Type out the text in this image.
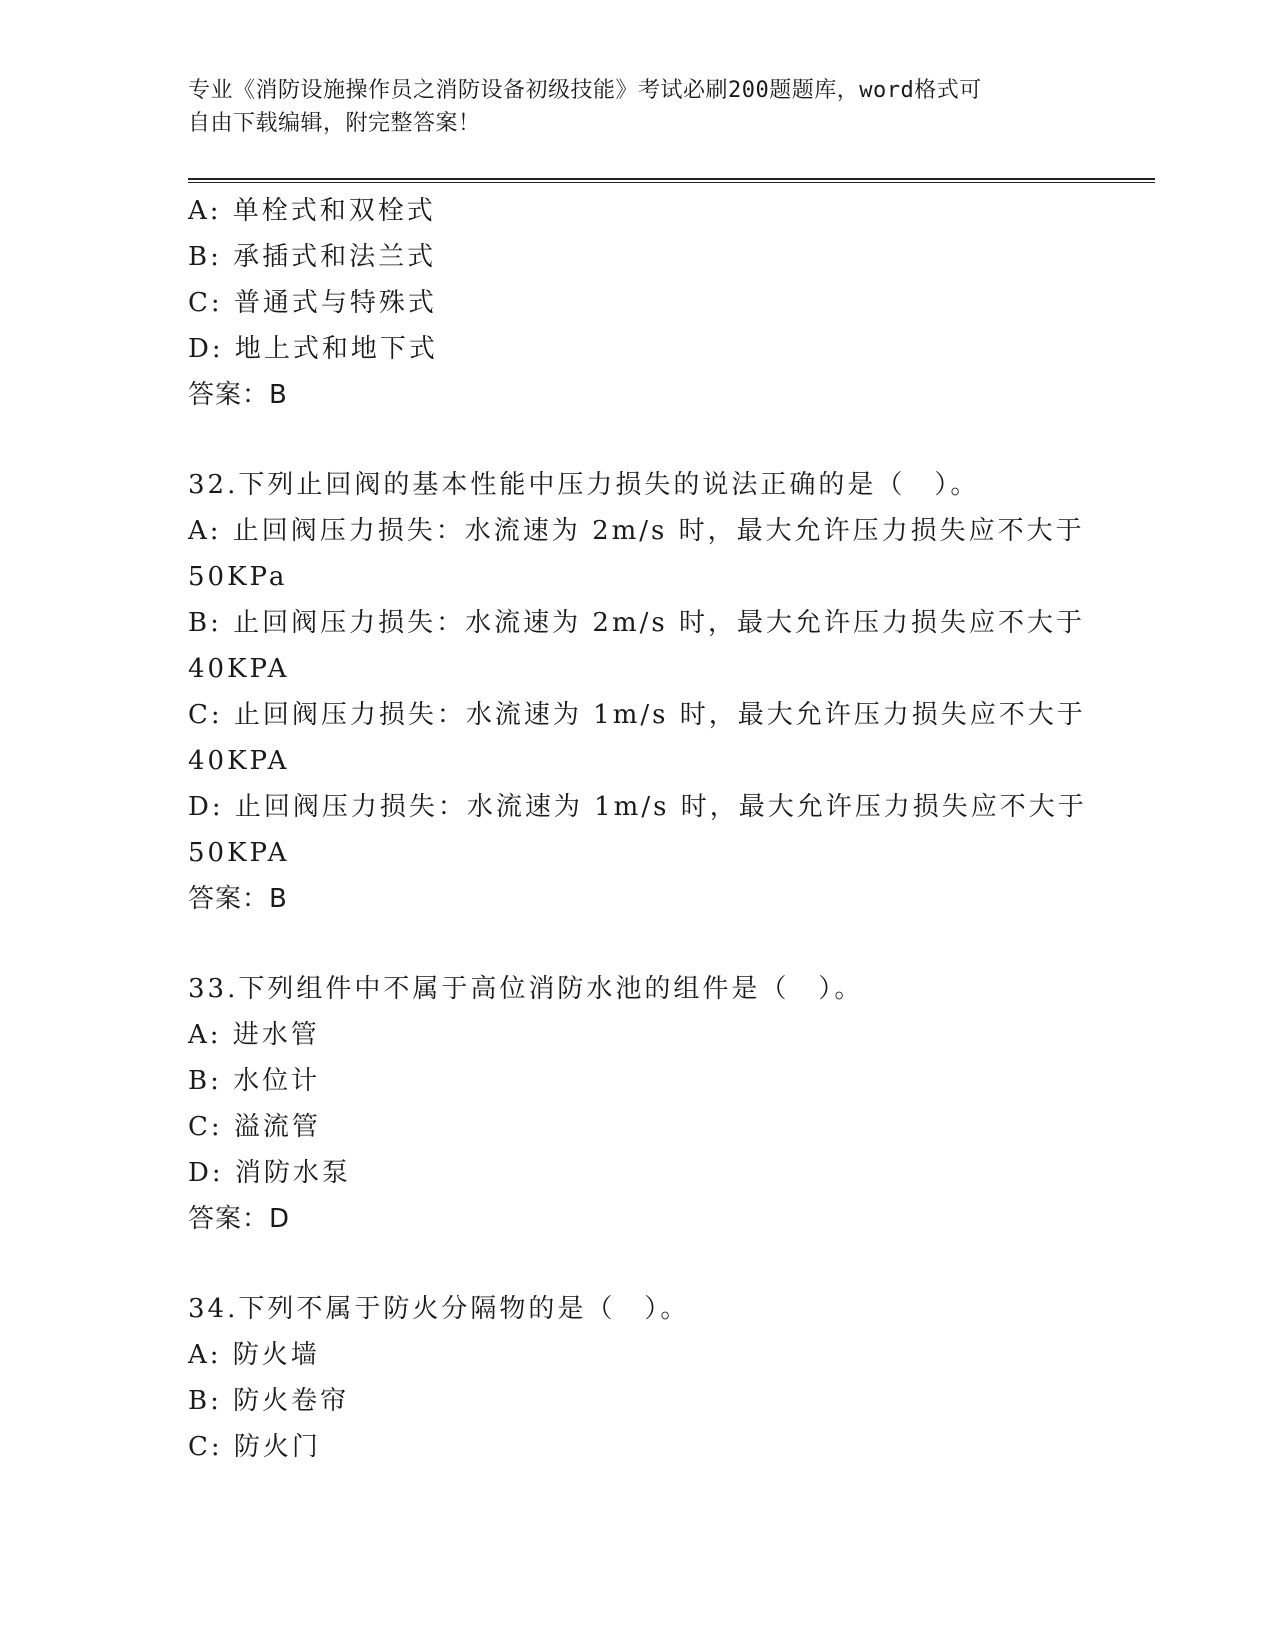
专业《消防设施操作员之消防设备初级技能》考试必刷200题题库，word格式可
自由下载编辑，附完整答案！
A: 单栓式和双栓式
B: 承插式和法兰式
C: 普通式与特殊式
D: 地上式和地下式
答案：B
32.下列止回阀的基本性能中压力损失的说法正确的是（　）。
A: 止回阀压力损失：水流速为 2m/s 时，最大允许压力损失应不大于
50KPa
B: 止回阀压力损失：水流速为 2m/s 时，最大允许压力损失应不大于
40KPA
C: 止回阀压力损失：水流速为 1m/s 时，最大允许压力损失应不大于
40KPA
D: 止回阀压力损失：水流速为 1m/s 时，最大允许压力损失应不大于
50KPA
答案：B
33.下列组件中不属于高位消防水池的组件是（　）。
A: 进水管
B: 水位计
C: 溢流管
D: 消防水泵
答案：D
34.下列不属于防火分隔物的是（　）。
A: 防火墙
B: 防火卷帘
C: 防火门
